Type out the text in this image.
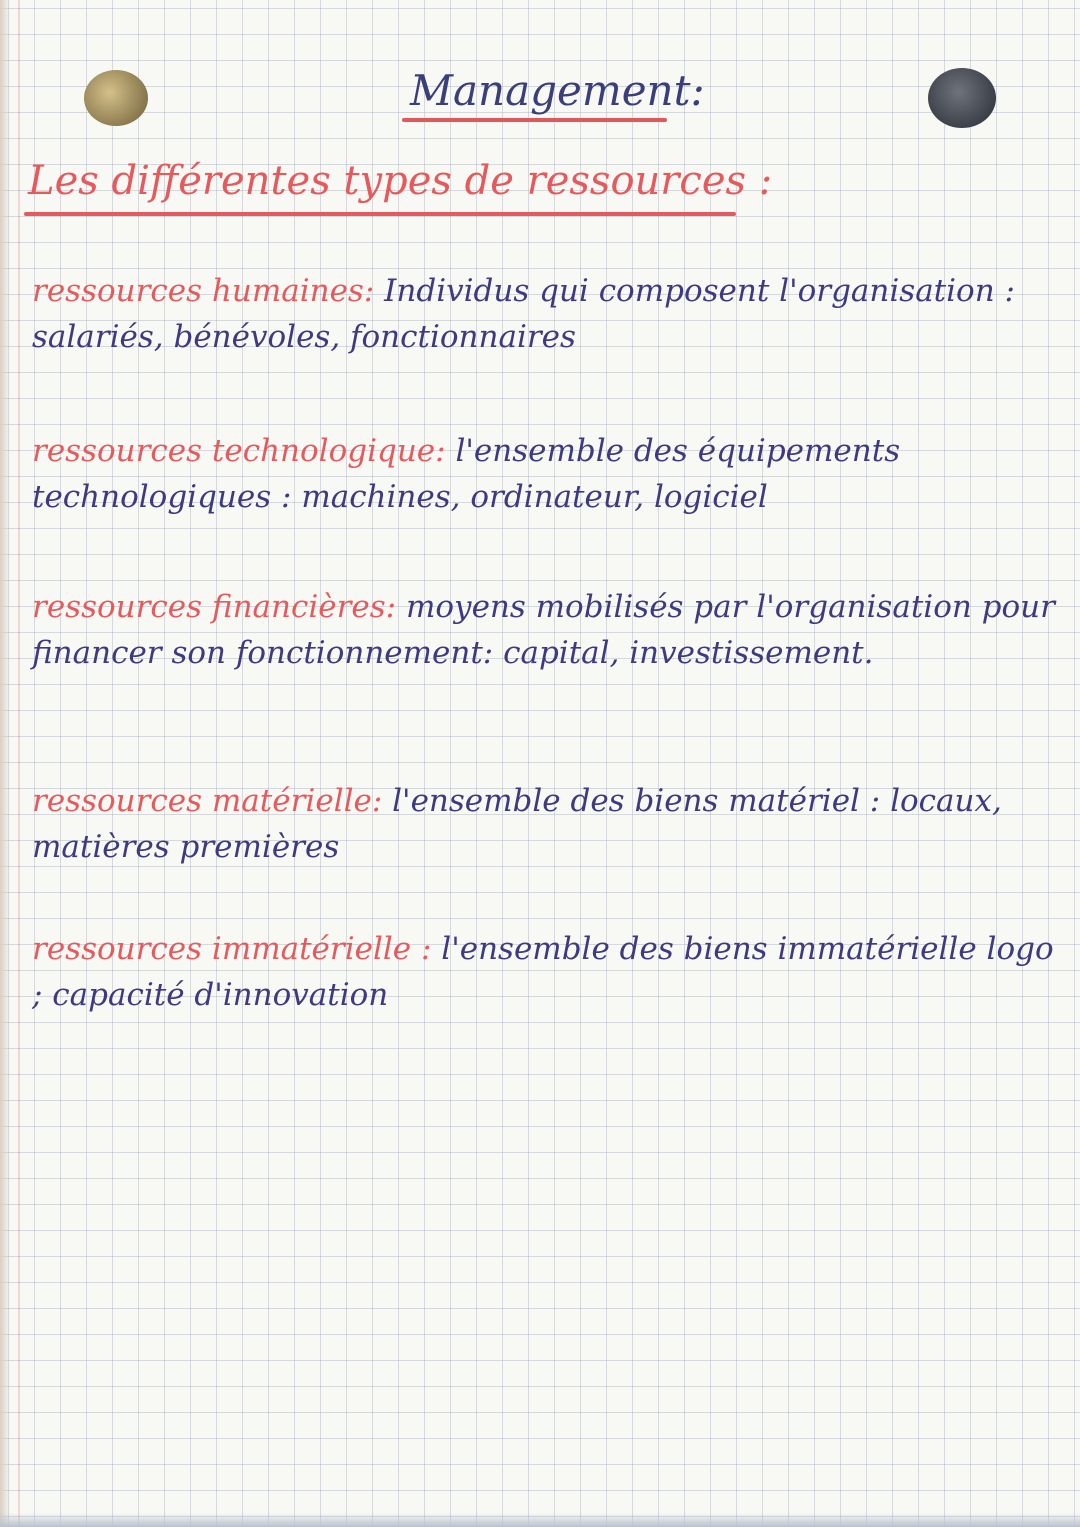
Management:
Les différentes types de ressources :
ressources humaines: Individus qui composent l'organisation : salariés, bénévoles, fonctionnaires
ressources technologique: l'ensemble des équipements technologiques : machines, ordinateur, logiciel
ressources financières: moyens mobilisés par l'organisation pour financer son fonctionnement: capital, investissement.
ressources matérielle: l'ensemble des biens matériel : locaux, matières premières
ressources immatérielle : l'ensemble des biens immatérielle logo ; capacité d'innovation
